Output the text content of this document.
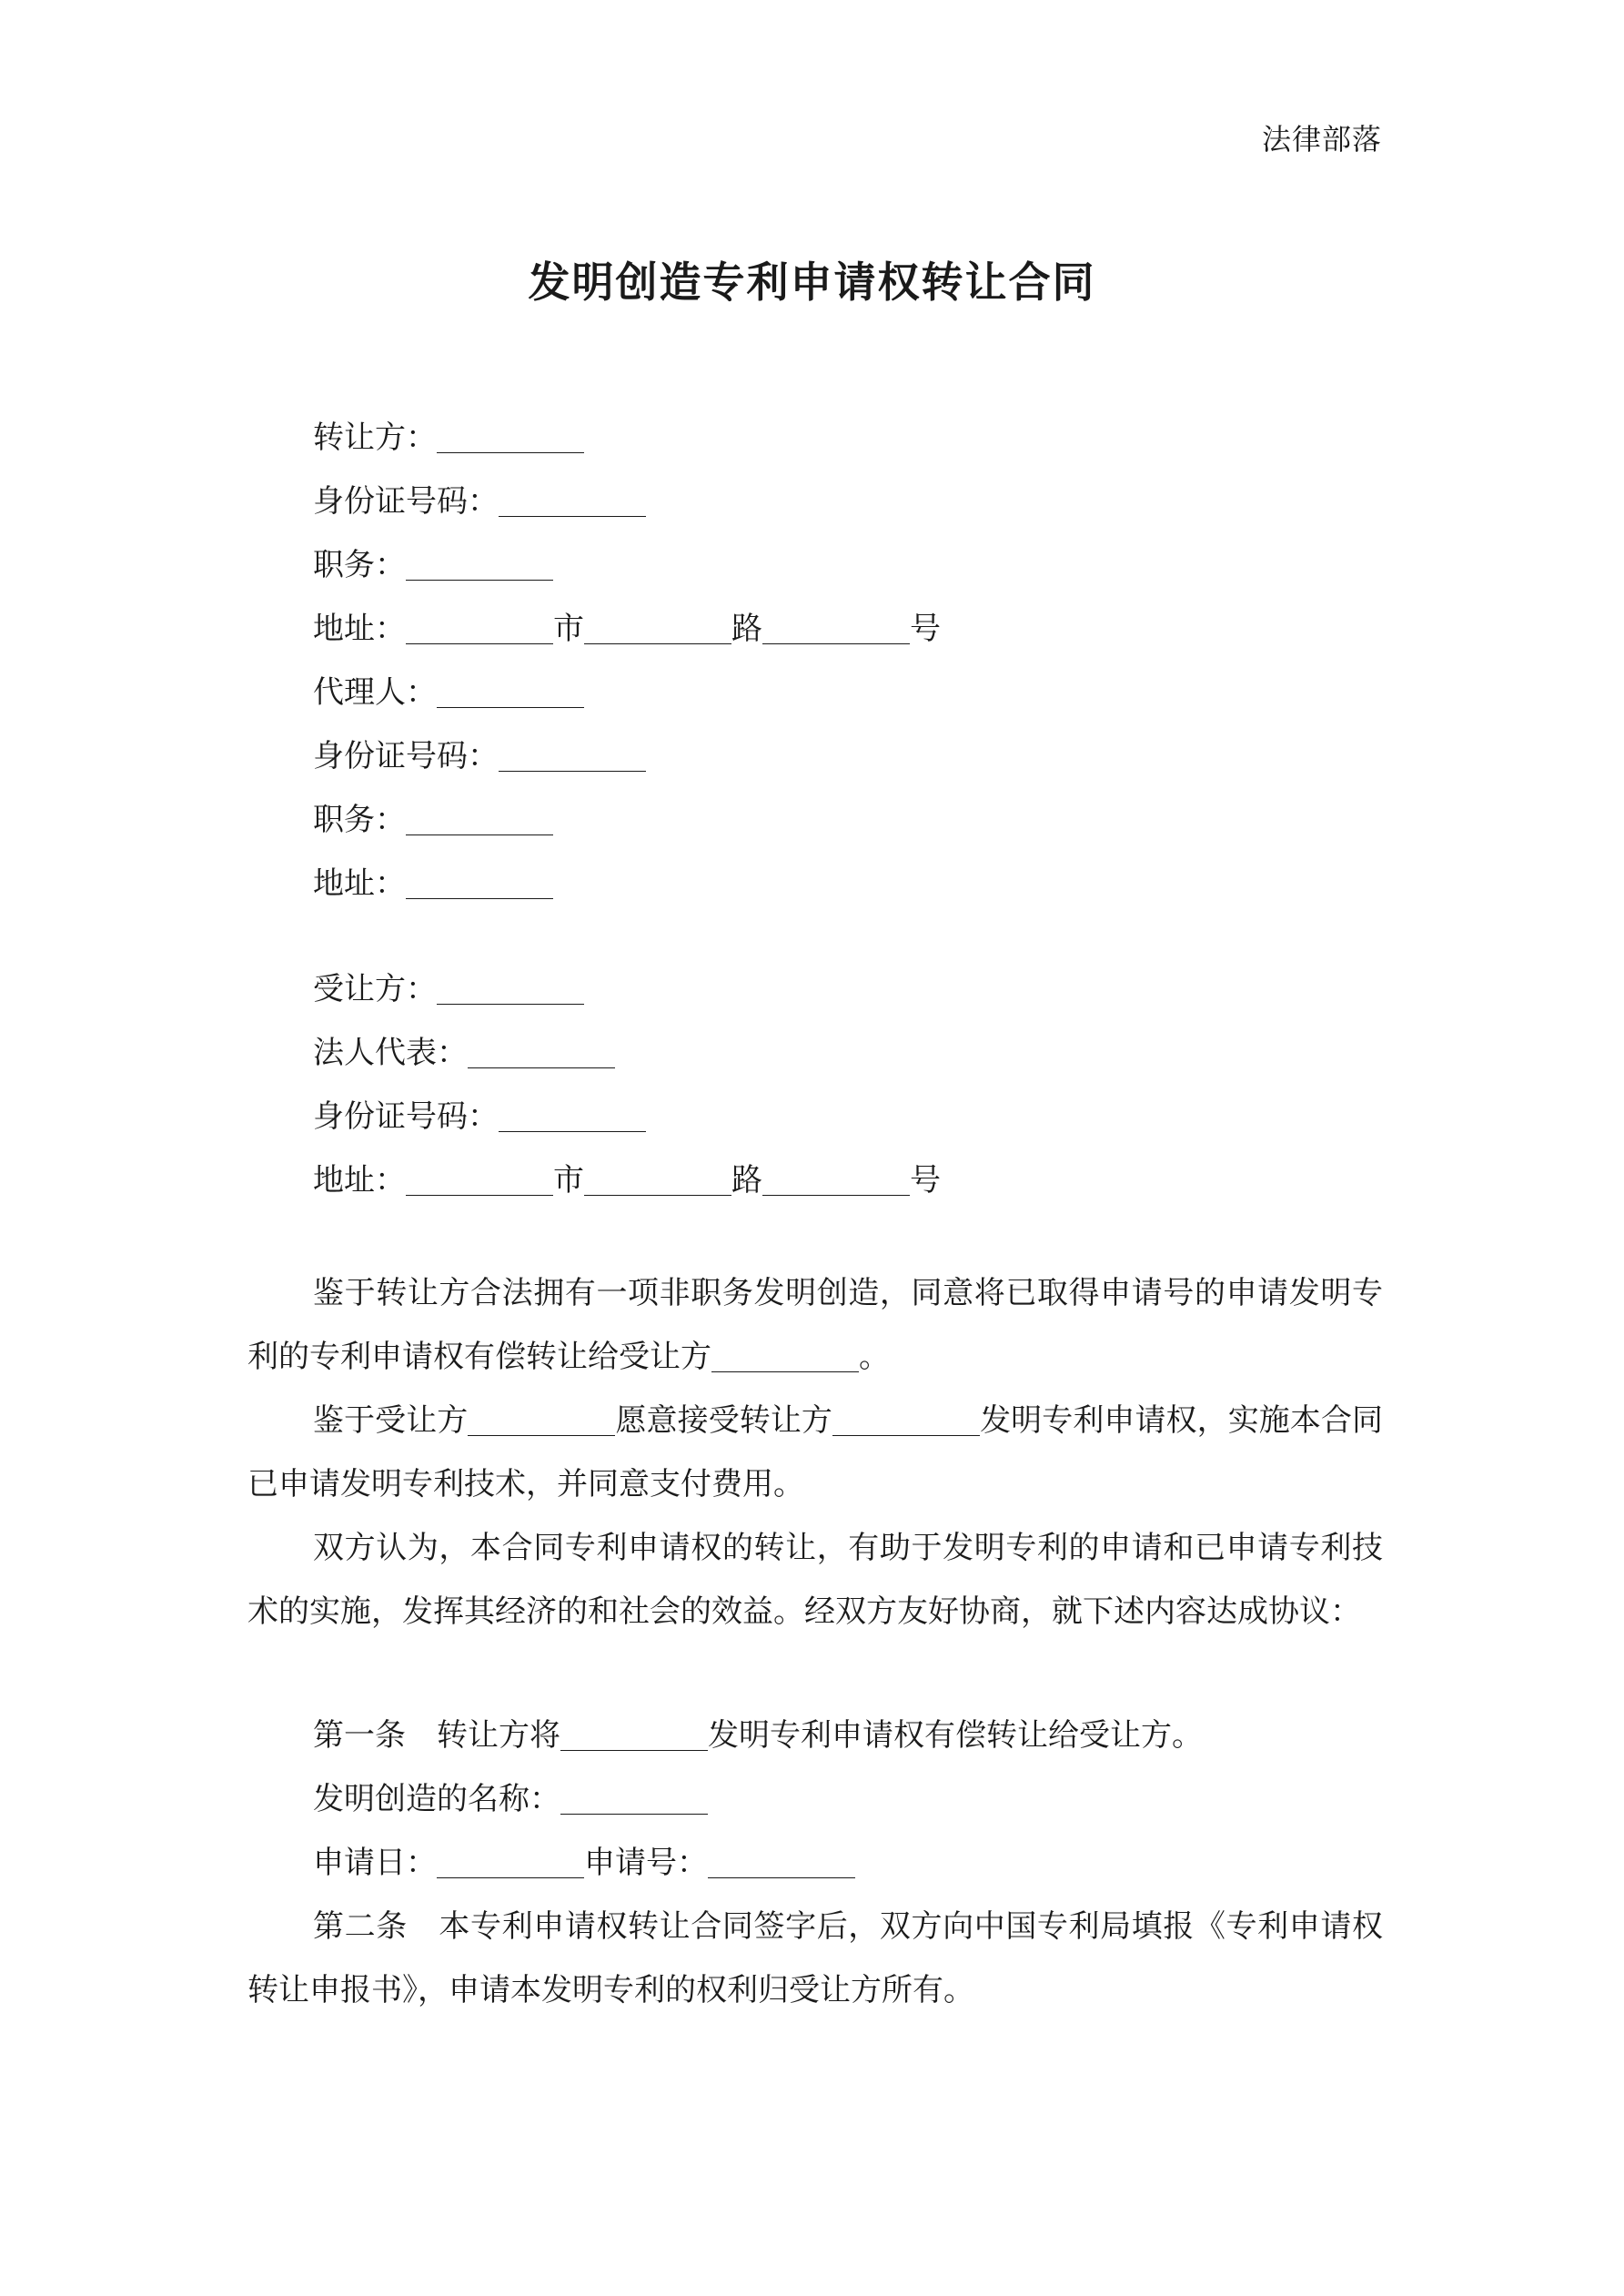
法律部落
发明创造专利申请权转让合同
转让方：
身份证号码：
职务：
地址：	市	路	号
代理人：
身份证号码：
职务：
地址：
受让方：
法人代表：
身份证号码：
地址：	市	路	号

鉴于转让方合法拥有一项非职务发明创造，同意将已取得申请号的申请发明专利的专利申请权有偿转让给受让方	。

鉴于受让方	愿意接受转让方	发明专利申请权，实施本合同已申请发明专利技术，并同意支付费用。

双方认为，本合同专利申请权的转让，有助于发明专利的申请和已申请专利技术的实施，发挥其经济的和社会的效益。经双方友好协商，就下述内容达成协议：

第一条　转让方将	发明专利申请权有偿转让给受让方。
发明创造的名称：
申请日：	申请号：

第二条　本专利申请权转让合同签字后，双方向中国专利局填报《专利申请权转让申报书》，申请本发明专利的权利归受让方所有。
